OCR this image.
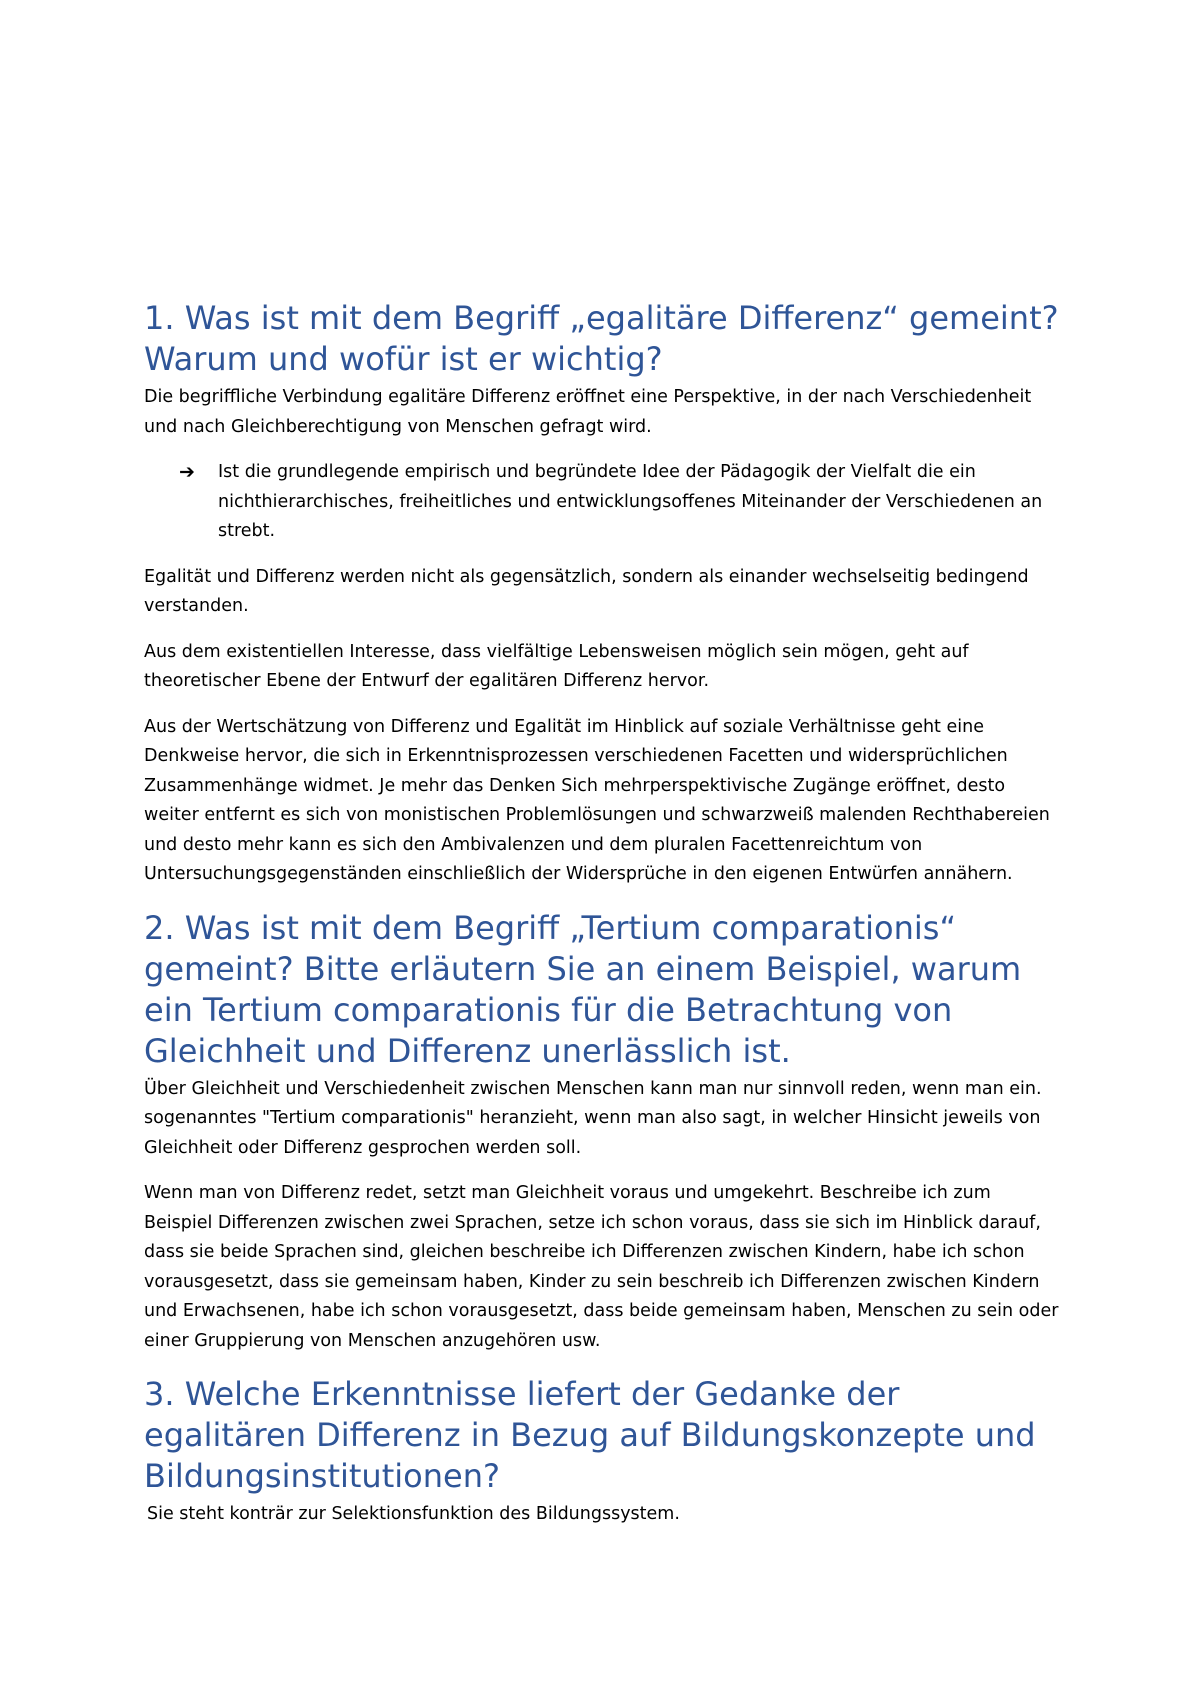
1. Was ist mit dem Begriff „egalitäre Differenz“ gemeint? Warum und wofür ist er wichtig?

Die begriffliche Verbindung egalitäre Differenz eröffnet eine Perspektive, in der nach Verschiedenheit und nach Gleichberechtigung von Menschen gefragt wird.

➔ Ist die grundlegende empirisch und begründete Idee der Pädagogik der Vielfalt die ein nichthierarchisches, freiheitliches und entwicklungsoffenes Miteinander der Verschiedenen an strebt.

Egalität und Differenz werden nicht als gegensätzlich, sondern als einander wechselseitig bedingend verstanden.

Aus dem existentiellen Interesse, dass vielfältige Lebensweisen möglich sein mögen, geht auf theoretischer Ebene der Entwurf der egalitären Differenz hervor.

Aus der Wertschätzung von Differenz und Egalität im Hinblick auf soziale Verhältnisse geht eine Denkweise hervor, die sich in Erkenntnisprozessen verschiedenen Facetten und widersprüchlichen Zusammenhänge widmet. Je mehr das Denken Sich mehrperspektivische Zugänge eröffnet, desto weiter entfernt es sich von monistischen Problemlösungen und schwarzweiß malenden Rechthabereien und desto mehr kann es sich den Ambivalenzen und dem pluralen Facettenreichtum von Untersuchungsgegenständen einschließlich der Widersprüche in den eigenen Entwürfen annähern.

2. Was ist mit dem Begriff „Tertium comparationis“ gemeint? Bitte erläutern Sie an einem Beispiel, warum ein Tertium comparationis für die Betrachtung von Gleichheit und Differenz unerlässlich ist.

Über Gleichheit und Verschiedenheit zwischen Menschen kann man nur sinnvoll reden, wenn man ein. sogenanntes "Tertium comparationis" heranzieht, wenn man also sagt, in welcher Hinsicht jeweils von Gleichheit oder Differenz gesprochen werden soll.

Wenn man von Differenz redet, setzt man Gleichheit voraus und umgekehrt. Beschreibe ich zum Beispiel Differenzen zwischen zwei Sprachen, setze ich schon voraus, dass sie sich im Hinblick darauf, dass sie beide Sprachen sind, gleichen beschreibe ich Differenzen zwischen Kindern, habe ich schon vorausgesetzt, dass sie gemeinsam haben, Kinder zu sein beschreib ich Differenzen zwischen Kindern und Erwachsenen, habe ich schon vorausgesetzt, dass beide gemeinsam haben, Menschen zu sein oder einer Gruppierung von Menschen anzugehören usw.

3. Welche Erkenntnisse liefert der Gedanke der egalitären Differenz in Bezug auf Bildungskonzepte und Bildungsinstitutionen?

Sie steht konträr zur Selektionsfunktion des Bildungssystem.
